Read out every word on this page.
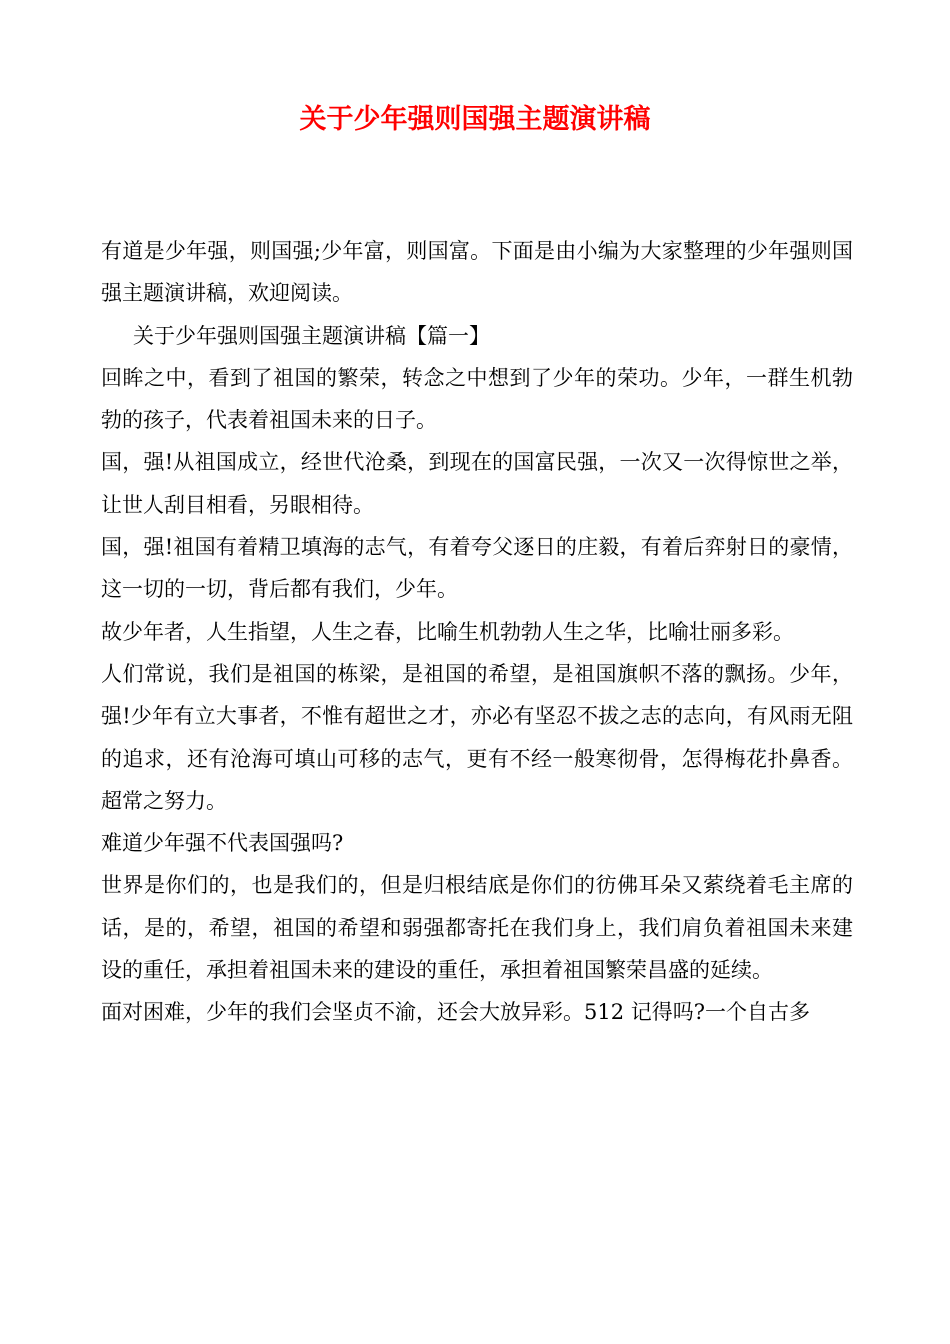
关于少年强则国强主题演讲稿

有道是少年强，则国强;少年富，则国富。下面是由小编为大家整理的少年强则国强主题演讲稿，欢迎阅读。

关于少年强则国强主题演讲稿【篇一】

回眸之中，看到了祖国的繁荣，转念之中想到了少年的荣功。少年，一群生机勃勃的孩子，代表着祖国未来的日子。

国，强!从祖国成立，经世代沧桑，到现在的国富民强，一次又一次得惊世之举，让世人刮目相看，另眼相待。

国，强!祖国有着精卫填海的志气，有着夸父逐日的庄毅，有着后弈射日的豪情，这一切的一切，背后都有我们，少年。

故少年者，人生指望，人生之春，比喻生机勃勃人生之华，比喻壮丽多彩。

人们常说，我们是祖国的栋梁，是祖国的希望，是祖国旗帜不落的飘扬。少年，强!少年有立大事者，不惟有超世之才，亦必有坚忍不拔之志的志向，有风雨无阻的追求，还有沧海可填山可移的志气，更有不经一般寒彻骨，怎得梅花扑鼻香。超常之努力。

难道少年强不代表国强吗?

世界是你们的，也是我们的，但是归根结底是你们的彷佛耳朵又萦绕着毛主席的话，是的，希望，祖国的希望和弱强都寄托在我们身上，我们肩负着祖国未来建设的重任，承担着祖国未来的建设的重任，承担着祖国繁荣昌盛的延续。

面对困难，少年的我们会坚贞不渝，还会大放异彩。512 记得吗?一个自古多
